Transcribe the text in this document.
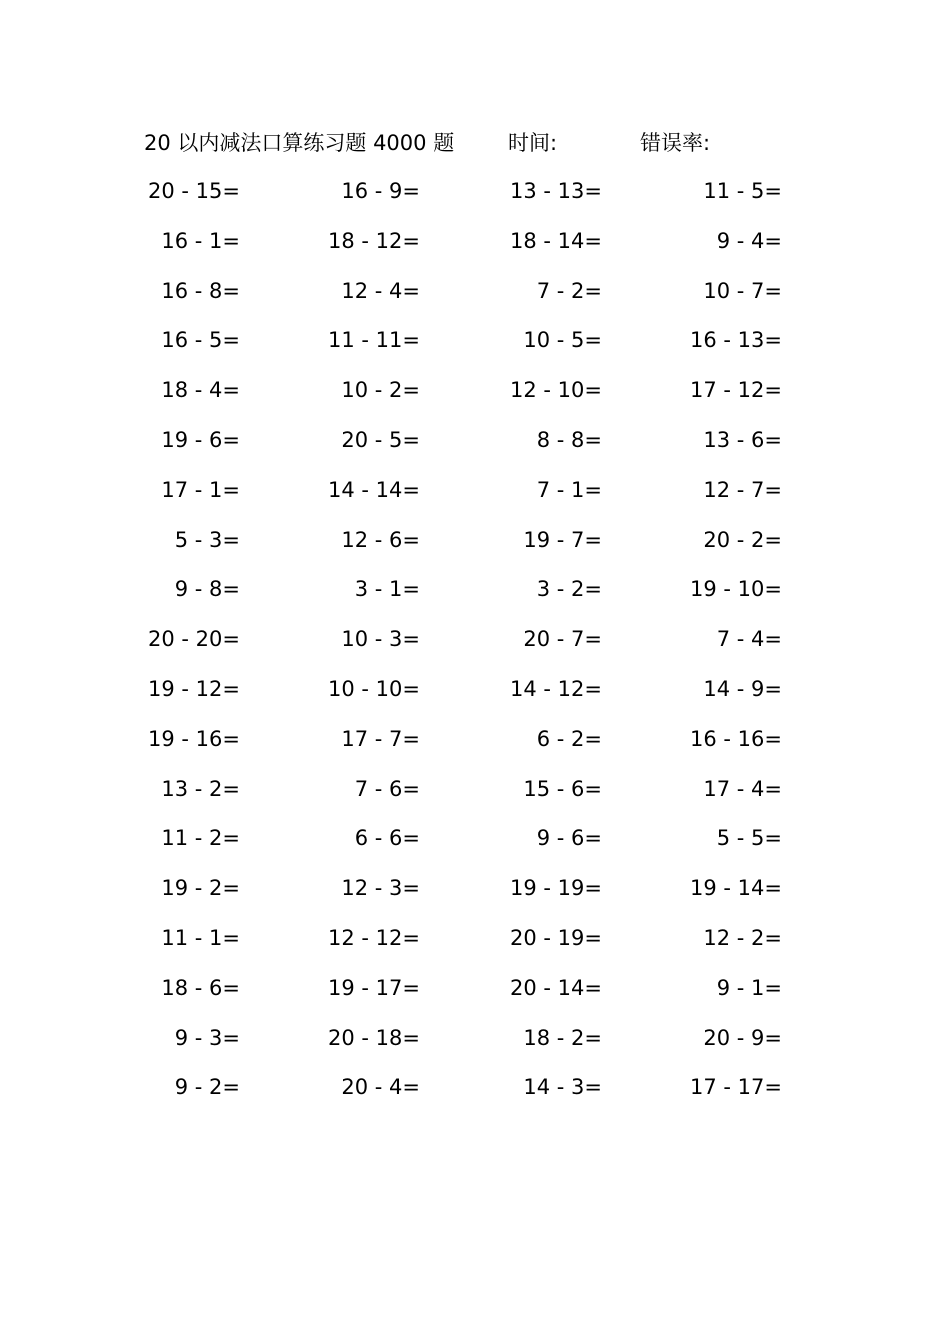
20 以内减法口算练习题 4000 题	时间:	错误率:
20 - 15=	16 - 9=	13 - 13=	11 - 5=
16 - 1=	18 - 12=	18 - 14=	9 - 4=
16 - 8=	12 - 4=	7 - 2=	10 - 7=
16 - 5=	11 - 11=	10 - 5=	16 - 13=
18 - 4=	10 - 2=	12 - 10=	17 - 12=
19 - 6=	20 - 5=	8 - 8=	13 - 6=
17 - 1=	14 - 14=	7 - 1=	12 - 7=
5 - 3=	12 - 6=	19 - 7=	20 - 2=
9 - 8=	3 - 1=	3 - 2=	19 - 10=
20 - 20=	10 - 3=	20 - 7=	7 - 4=
19 - 12=	10 - 10=	14 - 12=	14 - 9=
19 - 16=	17 - 7=	6 - 2=	16 - 16=
13 - 2=	7 - 6=	15 - 6=	17 - 4=
11 - 2=	6 - 6=	9 - 6=	5 - 5=
19 - 2=	12 - 3=	19 - 19=	19 - 14=
11 - 1=	12 - 12=	20 - 19=	12 - 2=
18 - 6=	19 - 17=	20 - 14=	9 - 1=
9 - 3=	20 - 18=	18 - 2=	20 - 9=
9 - 2=	20 - 4=	14 - 3=	17 - 17=
